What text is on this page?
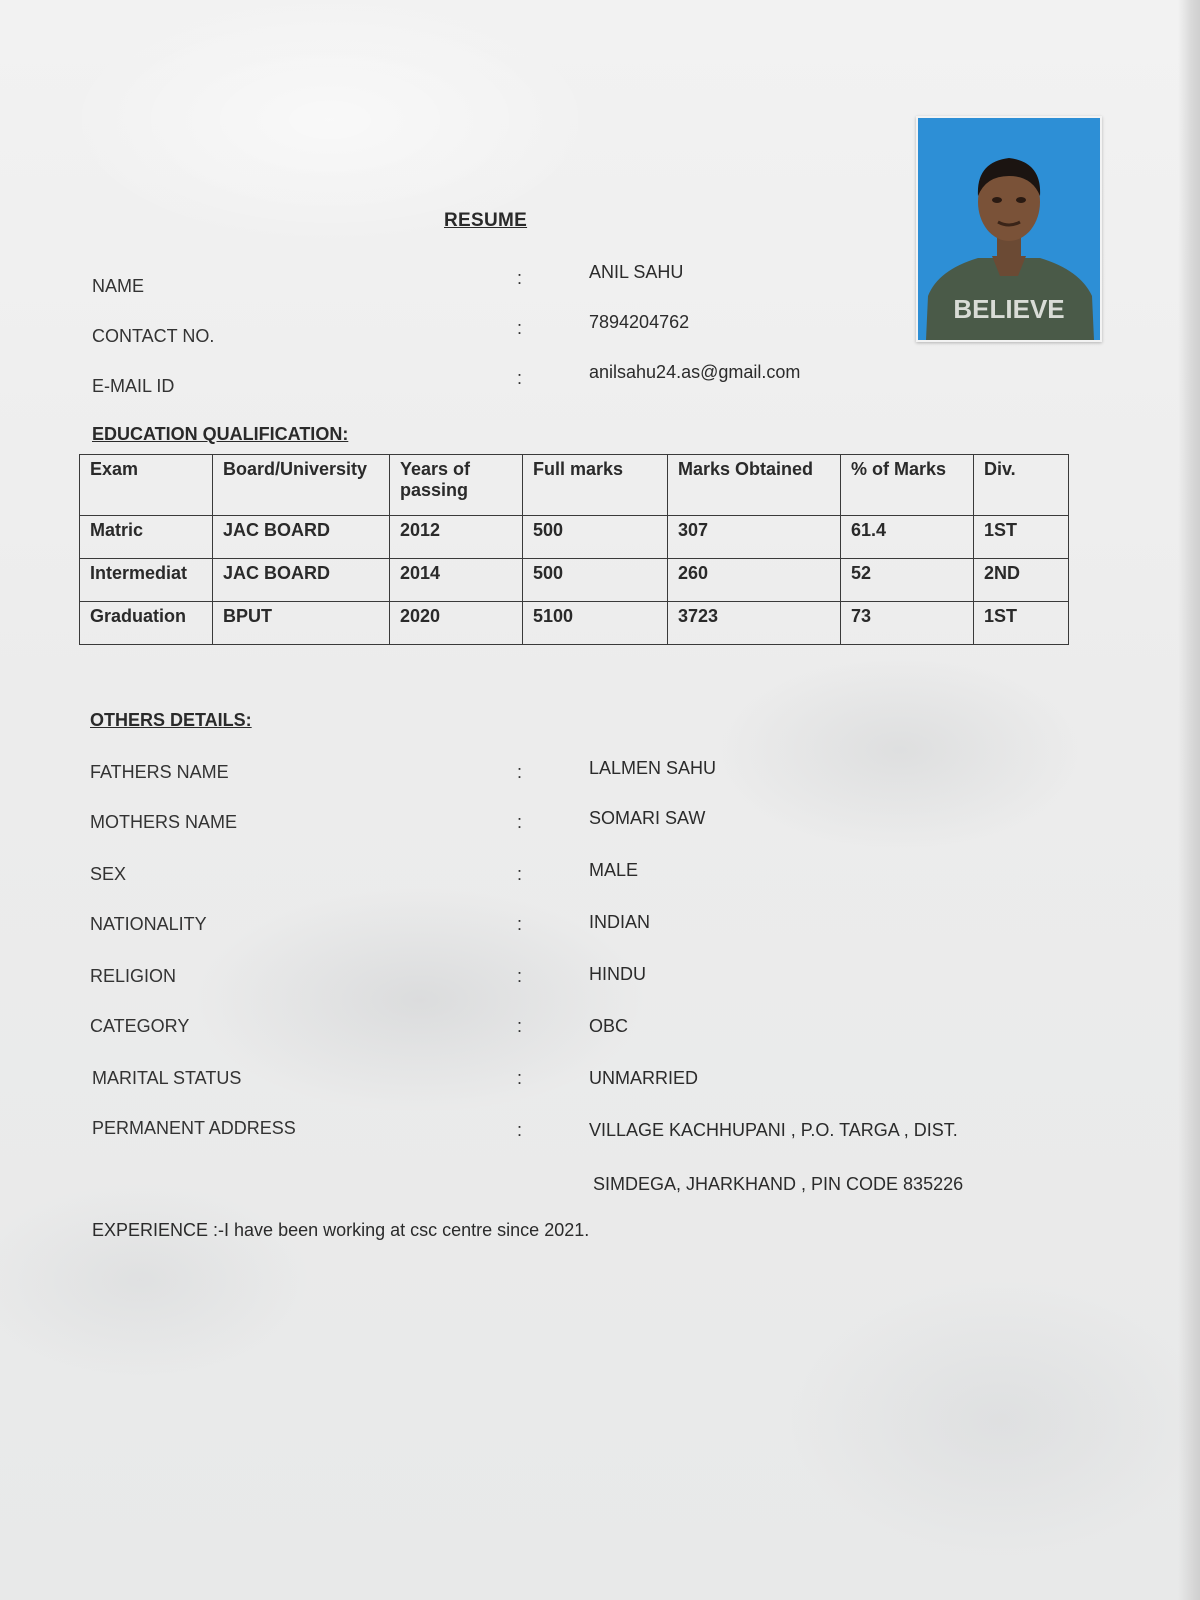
RESUME
NAME	:	ANIL SAHU
CONTACT NO.	:	7894204762
E-MAIL ID	:	anilsahu24.as@gmail.com
BELIEVE
EDUCATION QUALIFICATION:
Exam	Board/University	Years of passing	Full marks	Marks Obtained	% of Marks	Div.
Matric	JAC BOARD	2012	500	307	61.4	1ST
Intermediat	JAC BOARD	2014	500	260	52	2ND
Graduation	BPUT	2020	5100	3723	73	1ST
OTHERS DETAILS:
FATHERS NAME	:	LALMEN SAHU
MOTHERS NAME	:	SOMARI SAW
SEX	:	MALE
NATIONALITY	:	INDIAN
RELIGION	:	HINDU
CATEGORY	:	OBC
MARITAL STATUS	:	UNMARRIED
PERMANENT ADDRESS	:	VILLAGE KACHHUPANI , P.O. TARGA , DIST.
SIMDEGA, JHARKHAND , PIN CODE 835226
EXPERIENCE :-I have been working at csc centre since 2021.
